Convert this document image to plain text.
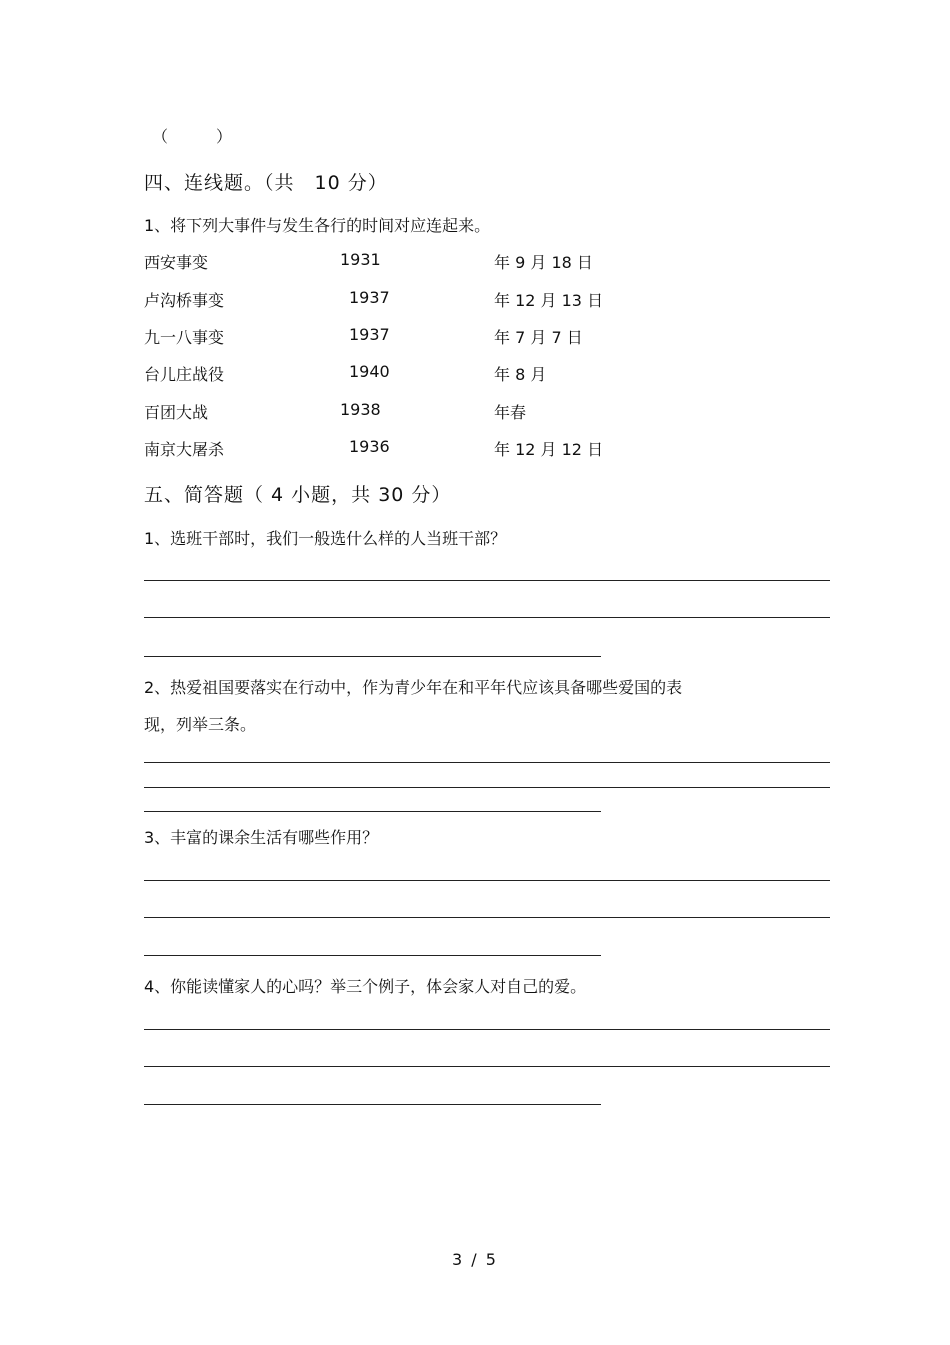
（　　　）
四、连线题。（共　10 分）
1、将下列大事件与发生各行的时间对应连起来。
西安事变	1931	年 9 月 18 日
卢沟桥事变	1937	年 12 月 13 日
九一八事变	1937	年 7 月 7 日
台儿庄战役	1940	年 8 月
百团大战	1938	年春
南京大屠杀	1936	年 12 月 12 日
五、简答题（ 4 小题，共 30 分）
1、选班干部时，我们一般选什么样的人当班干部？
2、热爱祖国要落实在行动中，作为青少年在和平年代应该具备哪些爱国的表
现，列举三条。
3、丰富的课余生活有哪些作用？
4、你能读懂家人的心吗？举三个例子，体会家人对自己的爱。
3 / 5
